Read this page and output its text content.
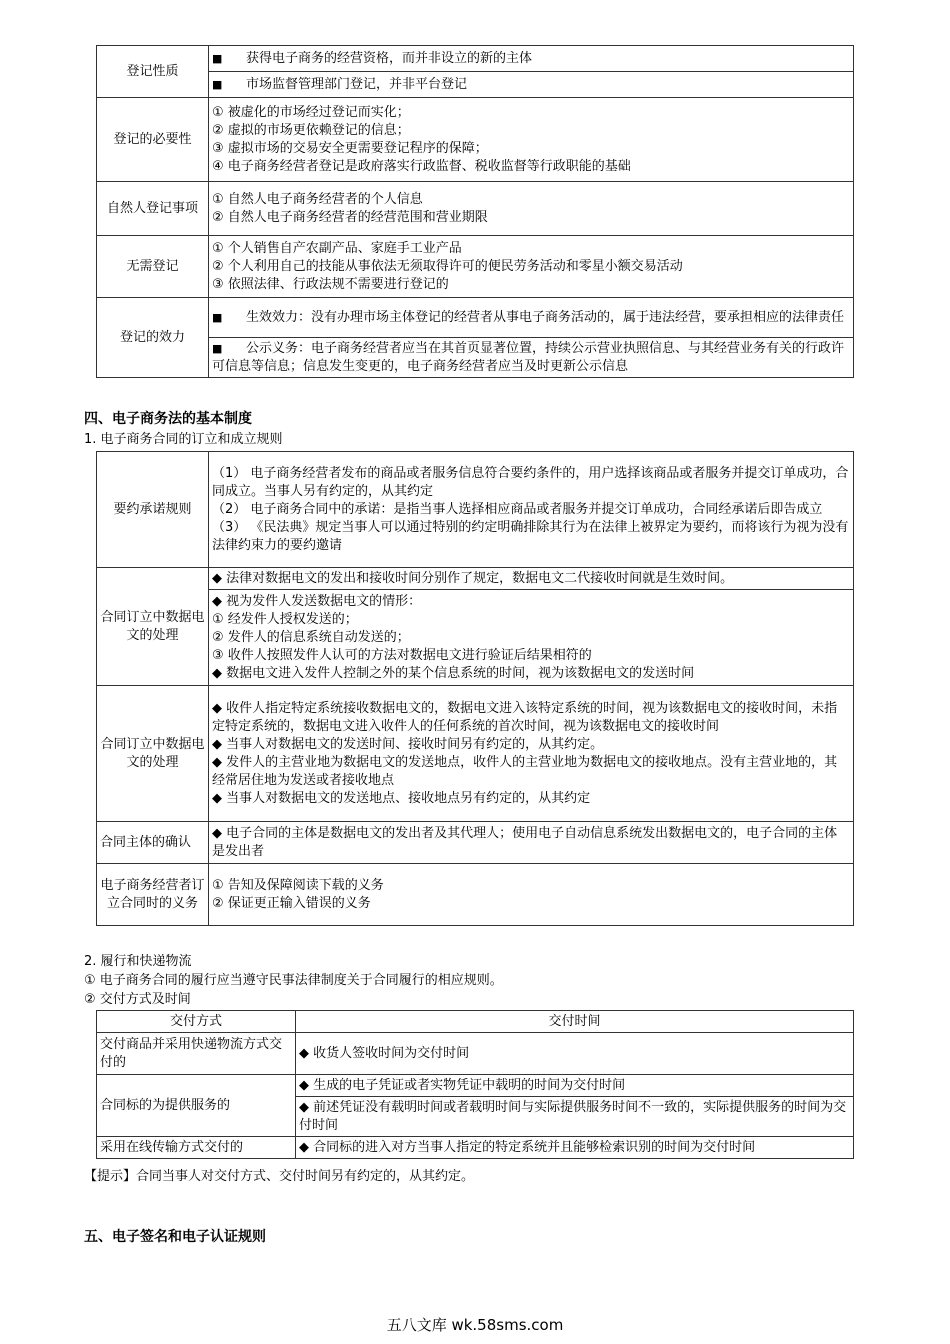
登记性质	■ 获得电子商务的经营资格，而并非设立的新的主体
	■ 市场监督管理部门登记，并非平台登记
登记的必要性	① 被虚化的市场经过登记而实化；
② 虚拟的市场更依赖登记的信息；
③ 虚拟市场的交易安全更需要登记程序的保障；
④ 电子商务经营者登记是政府落实行政监督、税收监督等行政职能的基础

自然人登记事项	① 自然人电子商务经营者的个人信息
② 自然人电子商务经营者的经营范围和营业期限

无需登记	① 个人销售自产农副产品、家庭手工业产品
② 个人利用自己的技能从事依法无须取得许可的便民劳务活动和零星小额交易活动
③ 依照法律、行政法规不需要进行登记的

登记的效力	■ 生效效力：没有办理市场主体登记的经营者从事电子商务活动的，属于违法经营，要承担相应的法律责任
	■ 公示义务：电子商务经营者应当在其首页显著位置，持续公示营业执照信息、与其经营业务有关的行政许可信息等信息；信息发生变更的，电子商务经营者应当及时更新公示信息
四、电子商务法的基本制度
1. 电子商务合同的订立和成立规则
要约承诺规则	（1） 电子商务经营者发布的商品或者服务信息符合要约条件的，用户选择该商品或者服务并提交订单成功，合同成立。当事人另有约定的，从其约定
（2） 电子商务合同中的承诺：是指当事人选择相应商品或者服务并提交订单成功，合同经承诺后即告成立
（3） 《民法典》规定当事人可以通过特别的约定明确排除其行为在法律上被界定为要约，而将该行为视为没有法律约束力的要约邀请

合同订立中数据电文的处理	◆ 法律对数据电文的发出和接收时间分别作了规定，数据电文二代接收时间就是生效时间。

	◆ 视为发件人发送数据电文的情形：
① 经发件人授权发送的；
② 发件人的信息系统自动发送的；
③ 收件人按照发件人认可的方法对数据电文进行验证后结果相符的
◆ 数据电文进入发件人控制之外的某个信息系统的时间，视为该数据电文的发送时间

合同订立中数据电文的处理	◆ 收件人指定特定系统接收数据电文的，数据电文进入该特定系统的时间，视为该数据电文的接收时间，未指定特定系统的，数据电文进入收件人的任何系统的首次时间，视为该数据电文的接收时间
◆ 当事人对数据电文的发送时间、接收时间另有约定的，从其约定。
◆ 发件人的主营业地为数据电文的发送地点，收件人的主营业地为数据电文的接收地点。没有主营业地的，其经常居住地为发送或者接收地点
◆ 当事人对数据电文的发送地点、接收地点另有约定的，从其约定

合同主体的确认	◆ 电子合同的主体是数据电文的发出者及其代理人；使用电子自动信息系统发出数据电文的，电子合同的主体是发出者

电子商务经营者订立合同时的义务	① 告知及保障阅读下载的义务
② 保证更正输入错误的义务
2. 履行和快递物流
① 电子商务合同的履行应当遵守民事法律制度关于合同履行的相应规则。
② 交付方式及时间
交付方式	交付时间
交付商品并采用快递物流方式交付的	◆ 收货人签收时间为交付时间
合同标的为提供服务的	◆ 生成的电子凭证或者实物凭证中载明的时间为交付时间
	◆ 前述凭证没有载明时间或者载明时间与实际提供服务时间不一致的，实际提供服务的时间为交付时间
采用在线传输方式交付的	◆ 合同标的进入对方当事人指定的特定系统并且能够检索识别的时间为交付时间
【提示】合同当事人对交付方式、交付时间另有约定的，从其约定。
五、电子签名和电子认证规则
五八文库 wk.58sms.com
